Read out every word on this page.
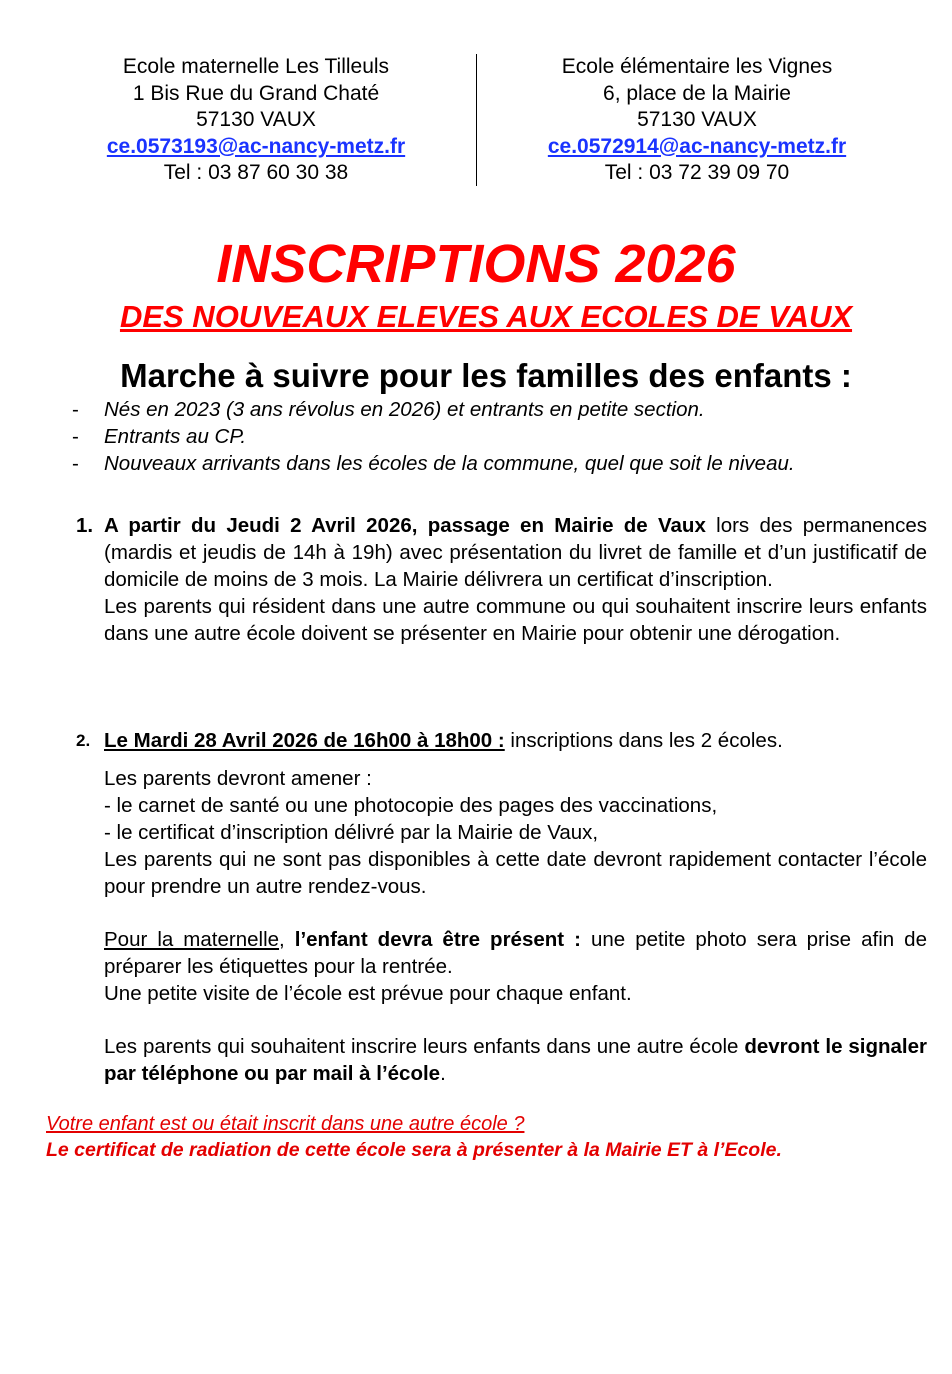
Ecole maternelle Les Tilleuls
1 Bis Rue du Grand Chaté
57130 VAUX
ce.0573193@ac-nancy-metz.fr
Tel : 03 87 60 30 38
Ecole élémentaire les Vignes
6, place de la Mairie
57130 VAUX
ce.0572914@ac-nancy-metz.fr
Tel : 03 72 39 09 70
INSCRIPTIONS 2026
DES NOUVEAUX ELEVES AUX ECOLES DE VAUX
Marche à suivre pour les familles des enfants :
- Nés en 2023 (3 ans révolus en 2026) et entrants en petite section.
- Entrants au CP.
- Nouveaux arrivants dans les écoles de la commune, quel que soit le niveau.
1. A partir du Jeudi 2 Avril 2026, passage en Mairie de Vaux lors des permanences (mardis et jeudis de 14h à 19h) avec présentation du livret de famille et d’un justificatif de domicile de moins de 3 mois. La Mairie délivrera un certificat d’inscription.
Les parents qui résident dans une autre commune ou qui souhaitent inscrire leurs enfants dans une autre école doivent se présenter en Mairie pour obtenir une dérogation.
2. Le Mardi 28 Avril 2026 de 16h00 à 18h00 : inscriptions dans les 2 écoles.
Les parents devront amener :
- le carnet de santé ou une photocopie des pages des vaccinations,
- le certificat d’inscription délivré par la Mairie de Vaux,
Les parents qui ne sont pas disponibles à cette date devront rapidement contacter l’école pour prendre un autre rendez-vous.
Pour la maternelle, l’enfant devra être présent : une petite photo sera prise afin de préparer les étiquettes pour la rentrée.
Une petite visite de l’école est prévue pour chaque enfant.
Les parents qui souhaitent inscrire leurs enfants dans une autre école devront le signaler par téléphone ou par mail à l’école.
Votre enfant est ou était inscrit dans une autre école ?
Le certificat de radiation de cette école sera à présenter à la Mairie ET à l’Ecole.
